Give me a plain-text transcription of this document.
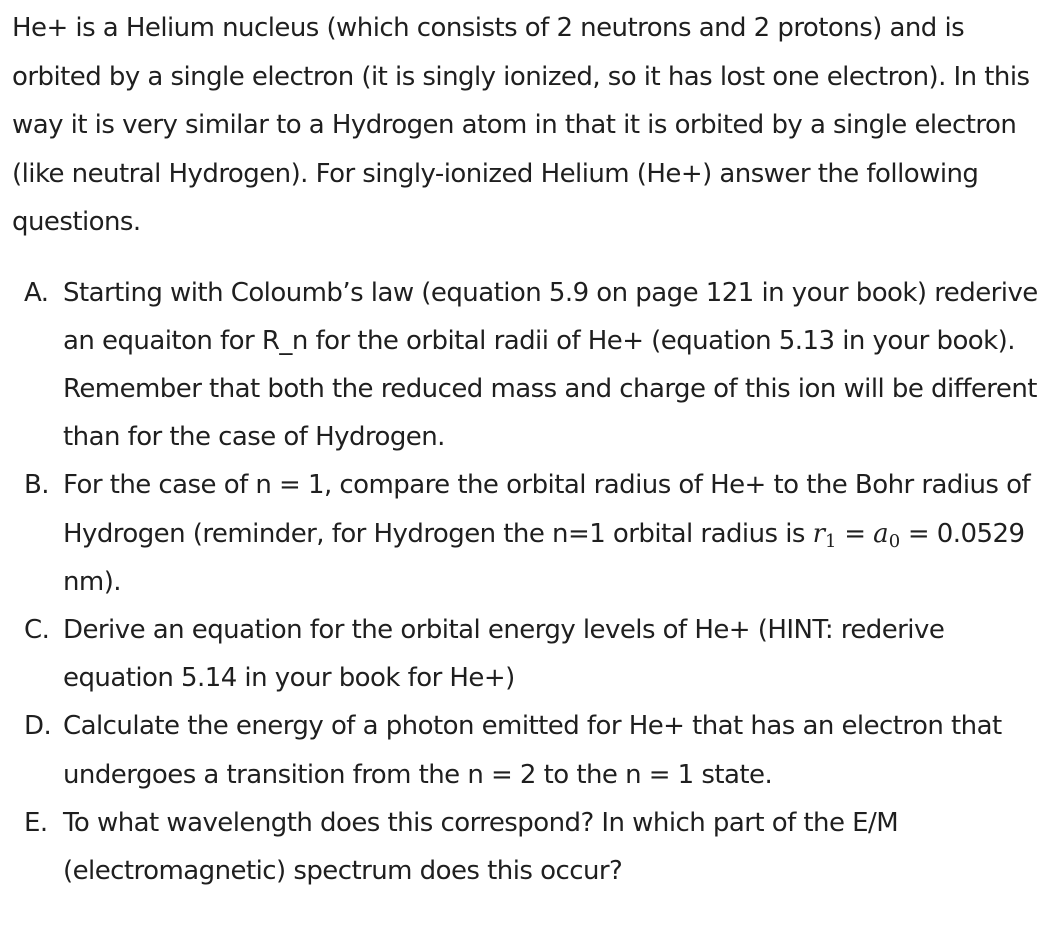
He+ is a Helium nucleus (which consists of 2 neutrons and 2 protons) and is orbited by a single electron (it is singly ionized, so it has lost one electron). In this way it is very similar to a Hydrogen atom in that it is orbited by a single electron (like neutral Hydrogen). For singly-ionized Helium (He+) answer the following questions.

A. Starting with Coloumb’s law (equation 5.9 on page 121 in your book) rederive an equaiton for R_n for the orbital radii of He+ (equation 5.13 in your book). Remember that both the reduced mass and charge of this ion will be different than for the case of Hydrogen.
B. For the case of n = 1, compare the orbital radius of He+ to the Bohr radius of Hydrogen (reminder, for Hydrogen the n=1 orbital radius is $r_1 = a_0 = 0.0529$ nm).
C. Derive an equation for the orbital energy levels of He+ (HINT: rederive equation 5.14 in your book for He+)
D. Calculate the energy of a photon emitted for He+ that has an electron that undergoes a transition from the n = 2 to the n = 1 state.
E. To what wavelength does this correspond? In which part of the E/M (electromagnetic) spectrum does this occur?
